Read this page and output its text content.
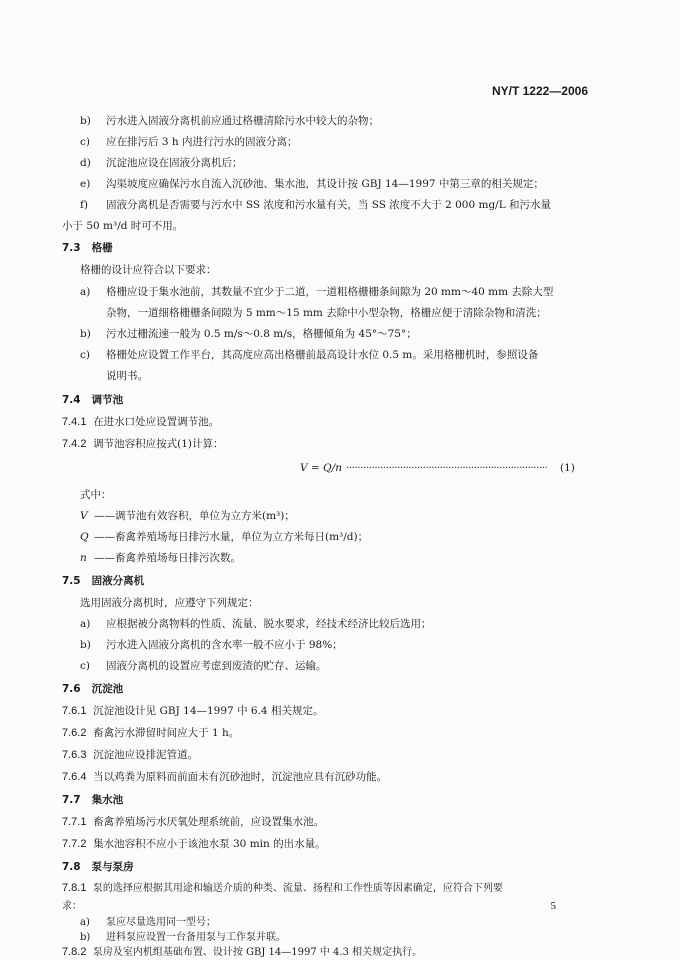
NY/T 1222—2006
b) 污水进入固液分离机前应通过格栅清除污水中较大的杂物；
c) 应在排污后 3 h 内进行污水的固液分离；
d) 沉淀池应设在固液分离机后；
e) 沟渠坡度应确保污水自流入沉砂池、集水池，其设计按 GBJ 14—1997 中第三章的相关规定；
f) 固液分离机是否需要与污水中 SS 浓度和污水量有关，当 SS 浓度不大于 2 000 mg/L 和污水量
小于 50 m³/d 时可不用。
7.3 格栅
格栅的设计应符合以下要求：
a) 格栅应设于集水池前，其数量不宜少于二道，一道粗格栅栅条间隙为 20 mm～40 mm 去除大型
杂物，一道细格栅栅条间隙为 5 mm～15 mm 去除中小型杂物，格栅应便于清除杂物和清洗；
b) 污水过栅流速一般为 0.5 m/s～0.8 m/s，格栅倾角为 45°～75°；
c) 格栅处应设置工作平台，其高度应高出格栅前最高设计水位 0.5 m。采用格栅机时，参照设备
说明书。
7.4 调节池
7.4.1 在进水口处应设置调节池。
7.4.2 调节池容积应按式(1)计算：
V = Q/n ······································································· (1)
式中：
V ——调节池有效容积，单位为立方米(m³)；
Q ——畜禽养殖场每日排污水量，单位为立方米每日(m³/d)；
n ——畜禽养殖场每日排污次数。
7.5 固液分离机
选用固液分离机时，应遵守下列规定：
a) 应根据被分离物料的性质、流量、脱水要求，经技术经济比较后选用；
b) 污水进入固液分离机的含水率一般不应小于 98%；
c) 固液分离机的设置应考虑到废渣的贮存、运输。
7.6 沉淀池
7.6.1 沉淀池设计见 GBJ 14—1997 中 6.4 相关规定。
7.6.2 畜禽污水滞留时间应大于 1 h。
7.6.3 沉淀池应设排泥管道。
7.6.4 当以鸡粪为原料而前面未有沉砂池时，沉淀池应具有沉砂功能。
7.7 集水池
7.7.1 畜禽养殖场污水厌氧处理系统前，应设置集水池。
7.7.2 集水池容积不应小于该池水泵 30 min 的出水量。
7.8 泵与泵房
7.8.1 泵的选择应根据其用途和输送介质的种类、流量、扬程和工作性质等因素确定，应符合下列要
求：
a) 泵应尽量选用同一型号；
b) 进料泵应设置一台备用泵与工作泵并联。
7.8.2 泵房及室内机组基础布置、设计按 GBJ 14—1997 中 4.3 相关规定执行。
5
